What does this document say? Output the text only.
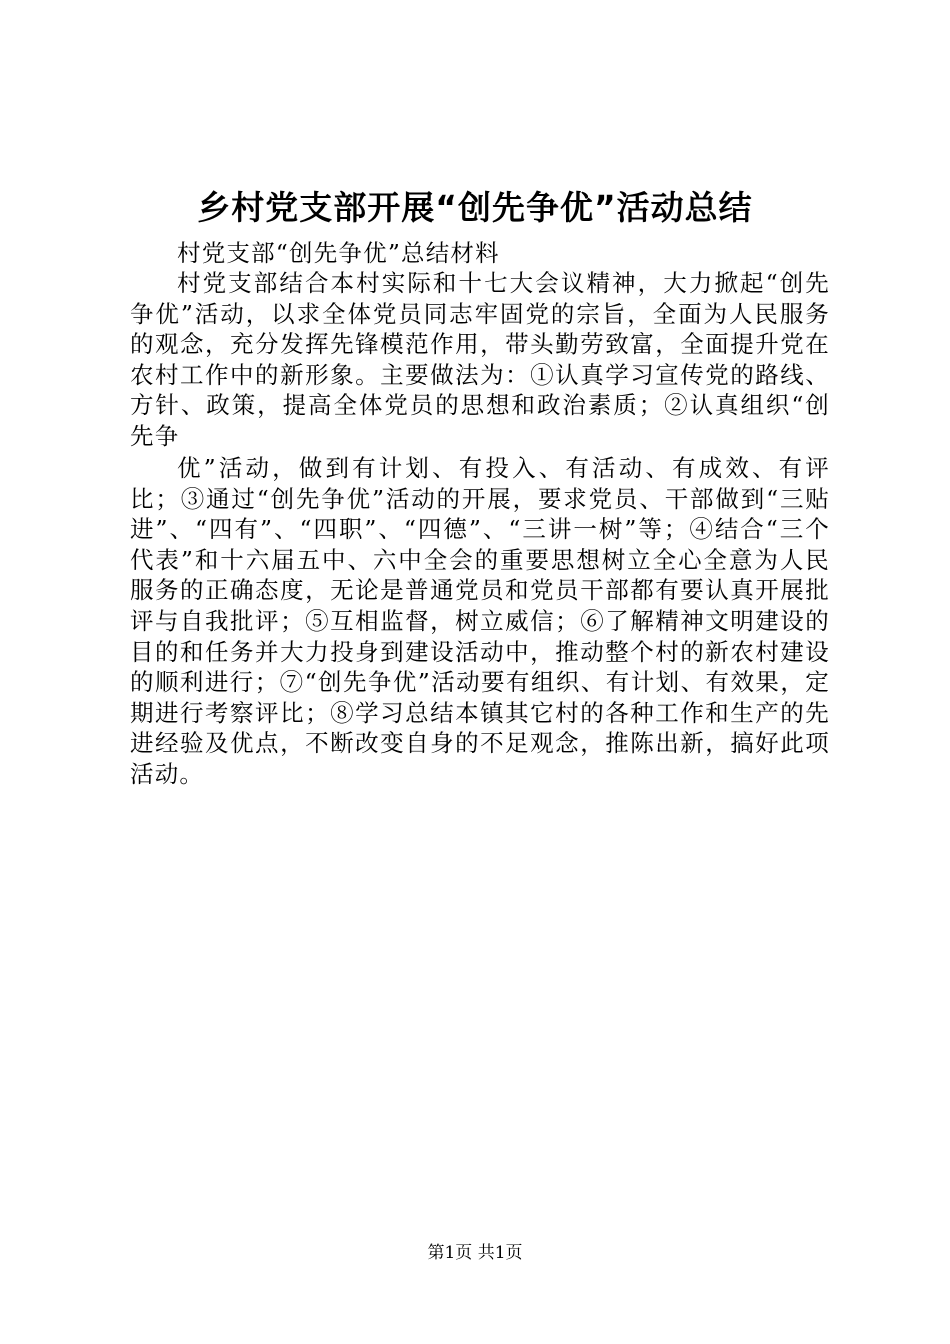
乡村党支部开展“创先争优”活动总结

村党支部“创先争优”总结材料

村党支部结合本村实际和十七大会议精神，大力掀起“创先争优”活动，以求全体党员同志牢固党的宗旨，全面为人民服务的观念，充分发挥先锋模范作用，带头勤劳致富，全面提升党在农村工作中的新形象。主要做法为：①认真学习宣传党的路线、方针、政策，提高全体党员的思想和政治素质；②认真组织“创先争

优”活动，做到有计划、有投入、有活动、有成效、有评比；③通过“创先争优”活动的开展，要求党员、干部做到“三贴进”、“四有”、“四职”、“四德”、“三讲一树”等；④结合“三个代表”和十六届五中、六中全会的重要思想树立全心全意为人民服务的正确态度，无论是普通党员和党员干部都有要认真开展批评与自我批评；⑤互相监督，树立威信；⑥了解精神文明建设的目的和任务并大力投身到建设活动中，推动整个村的新农村建设的顺利进行；⑦“创先争优”活动要有组织、有计划、有效果，定期进行考察评比；⑧学习总结本镇其它村的各种工作和生产的先进经验及优点，不断改变自身的不足观念，推陈出新，搞好此项活动。

第1页 共1页
